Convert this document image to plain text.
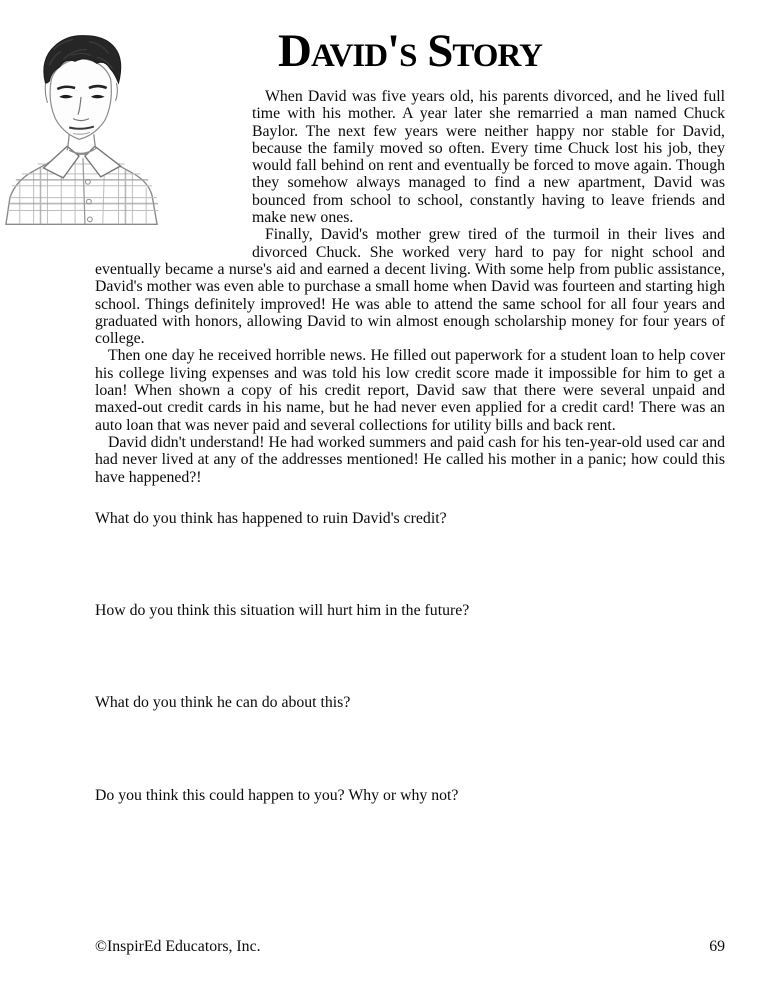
David's Story

When David was five years old, his parents divorced, and he lived full time with his mother. A year later she remarried a man named Chuck Baylor. The next few years were neither happy nor stable for David, because the family moved so often. Every time Chuck lost his job, they would fall behind on rent and eventually be forced to move again. Though they somehow always managed to find a new apartment, David was bounced from school to school, constantly having to leave friends and make new ones.

Finally, David's mother grew tired of the turmoil in their lives and divorced Chuck. She worked very hard to pay for night school and eventually became a nurse's aid and earned a decent living. With some help from public assistance, David's mother was even able to purchase a small home when David was fourteen and starting high school. Things definitely improved! He was able to attend the same school for all four years and graduated with honors, allowing David to win almost enough scholarship money for four years of college.

Then one day he received horrible news. He filled out paperwork for a student loan to help cover his college living expenses and was told his low credit score made it impossible for him to get a loan! When shown a copy of his credit report, David saw that there were several unpaid and maxed-out credit cards in his name, but he had never even applied for a credit card! There was an auto loan that was never paid and several collections for utility bills and back rent.

David didn't understand! He had worked summers and paid cash for his ten-year-old used car and had never lived at any of the addresses mentioned! He called his mother in a panic; how could this have happened?!

What do you think has happened to ruin David's credit?
How do you think this situation will hurt him in the future?
What do you think he can do about this?
Do you think this could happen to you? Why or why not?
©InspirEd Educators, Inc.	69
